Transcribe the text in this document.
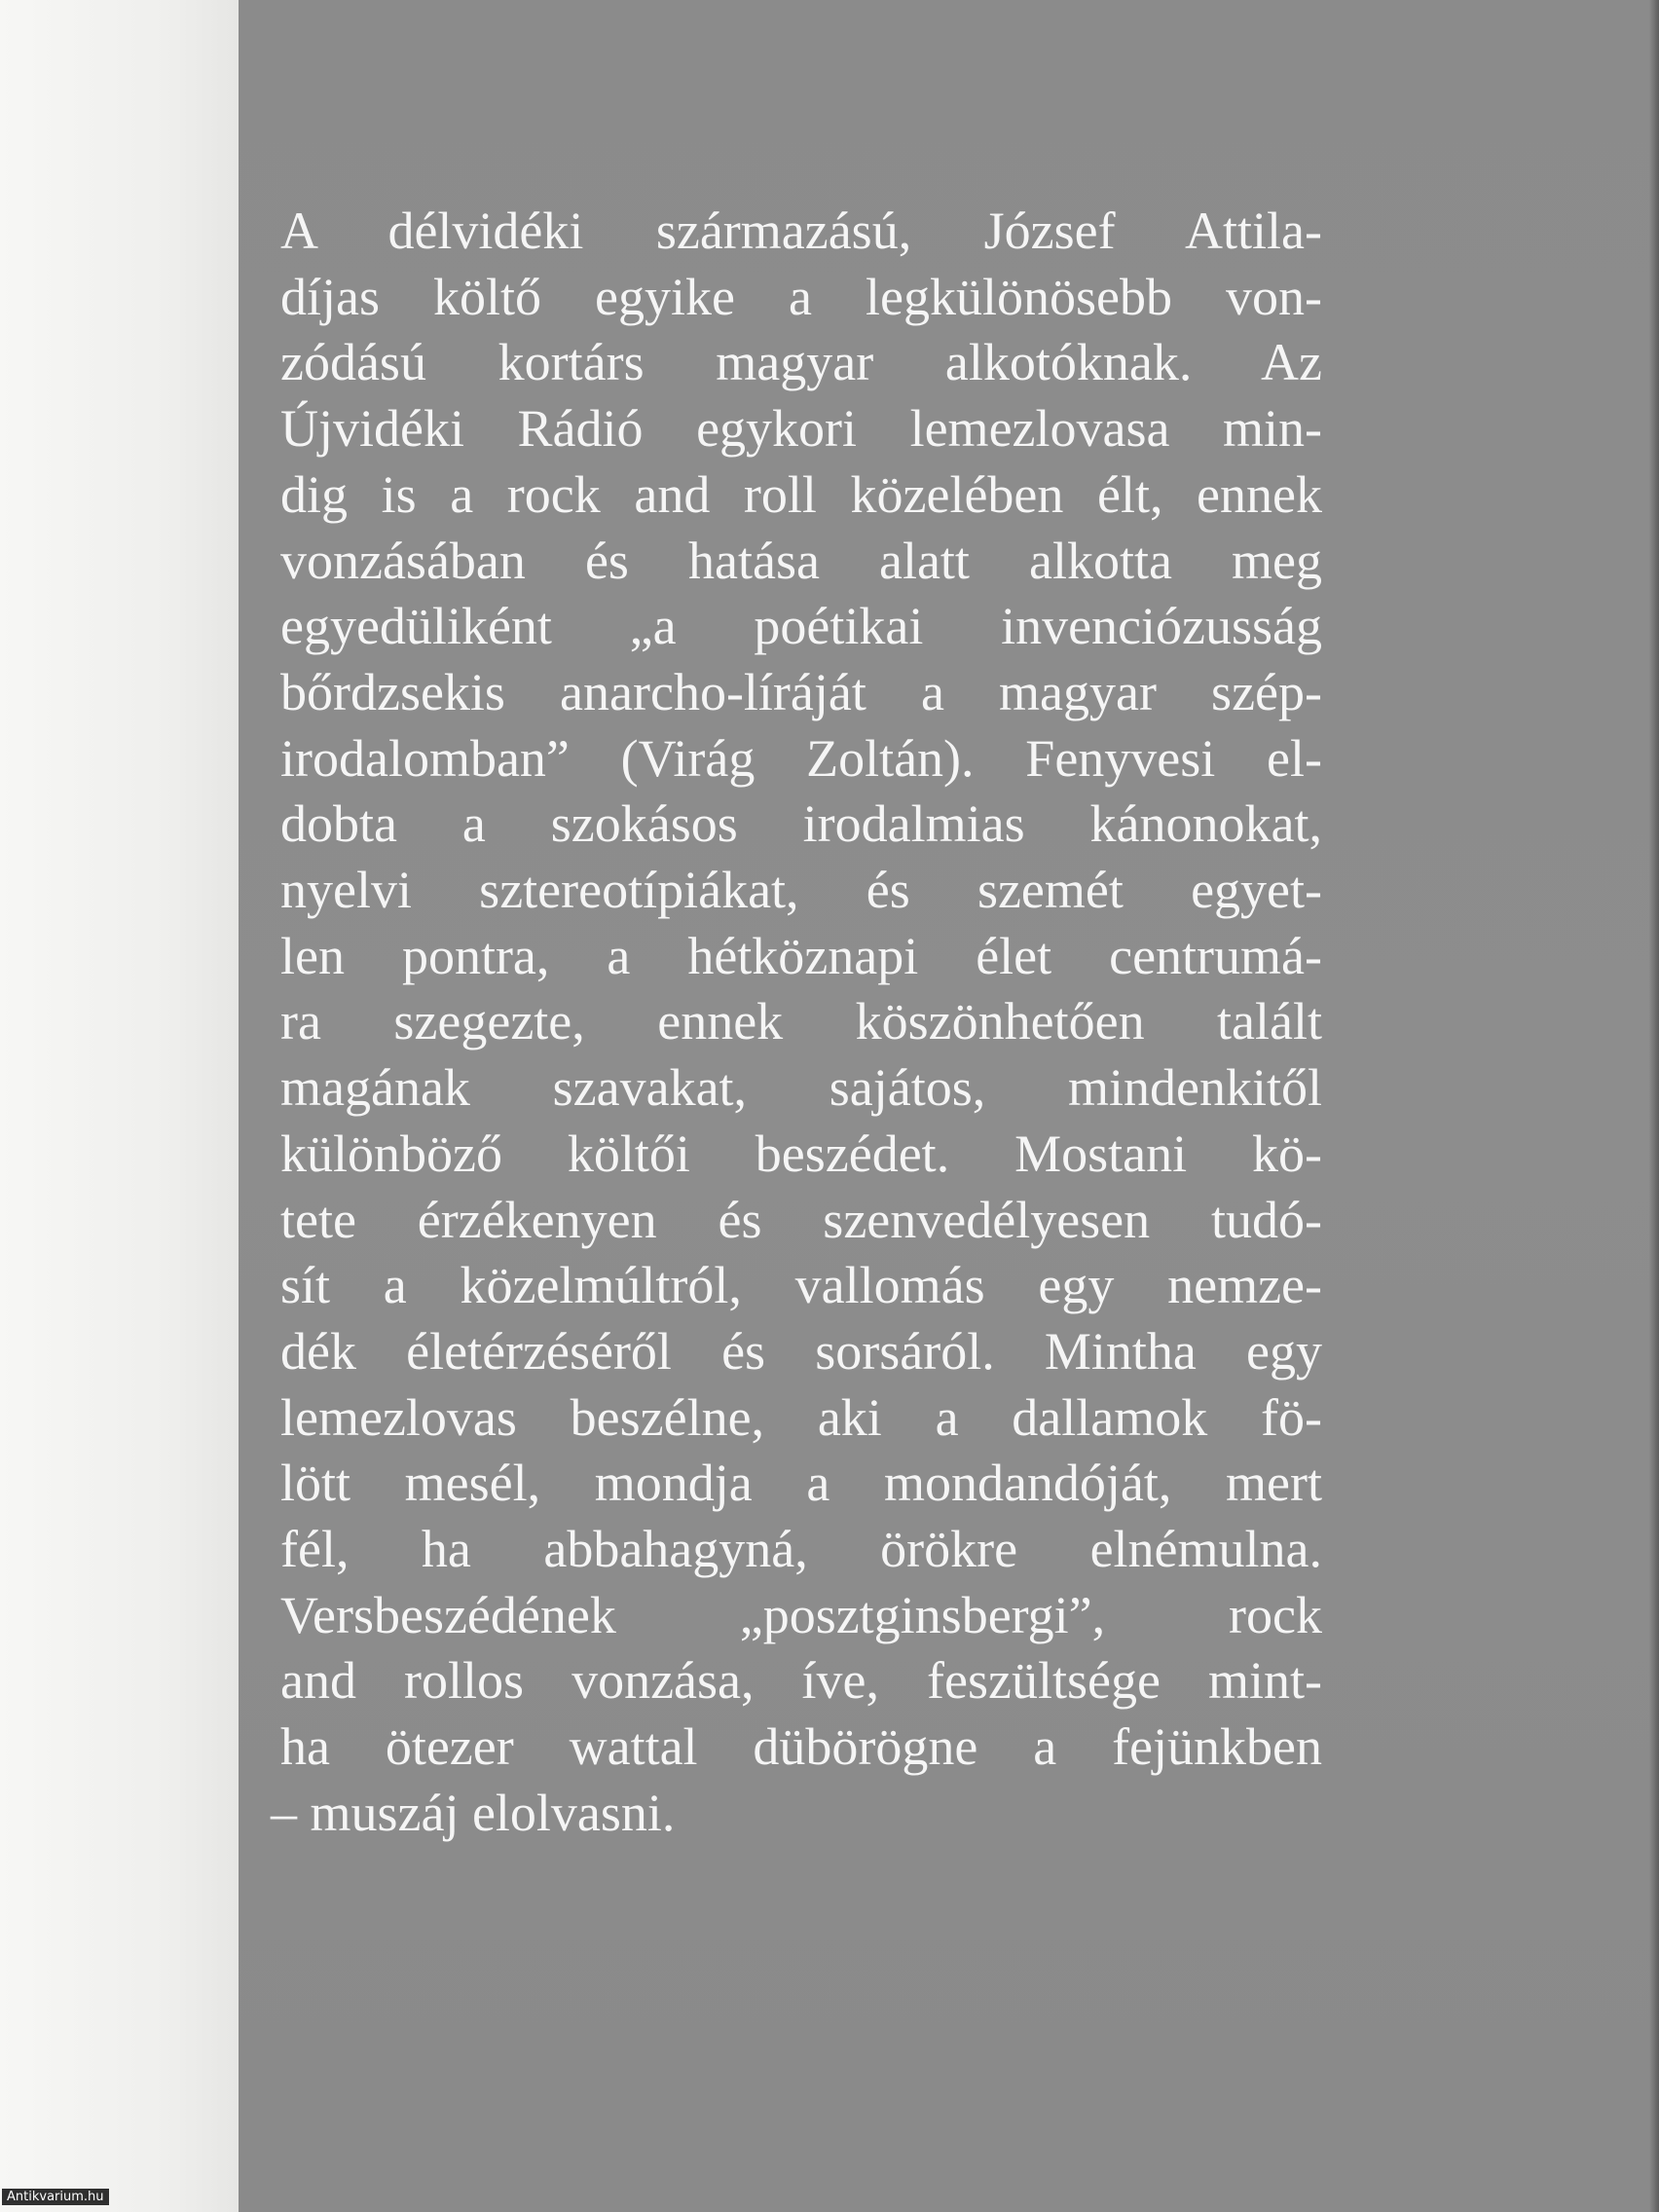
A délvidéki származású, József Attila-
díjas költő egyike a legkülönösebb von-
zódású kortárs magyar alkotóknak. Az
Újvidéki Rádió egykori lemezlovasa min-
dig is a rock and roll közelében élt, ennek
vonzásában és hatása alatt alkotta meg
egyedüliként „a poétikai invenciózusság
bőrdzsekis anarcho-líráját a magyar szép-
irodalomban” (Virág Zoltán). Fenyvesi el-
dobta a szokásos irodalmias kánonokat,
nyelvi sztereotípiákat, és szemét egyet-
len pontra, a hétköznapi élet centrumá-
ra szegezte, ennek köszönhetően talált
magának szavakat, sajátos, mindenkitől
különböző költői beszédet. Mostani kö-
tete érzékenyen és szenvedélyesen tudó-
sít a közelmúltról, vallomás egy nemze-
dék életérzéséről és sorsáról. Mintha egy
lemezlovas beszélne, aki a dallamok fö-
lött mesél, mondja a mondandóját, mert
fél, ha abbahagyná, örökre elnémulna.
Versbeszédének „posztginsbergi”, rock
and rollos vonzása, íve, feszültsége mint-
ha ötezer wattal dübörögne a fejünkben
– muszáj elolvasni.
Antikvarium.hu
